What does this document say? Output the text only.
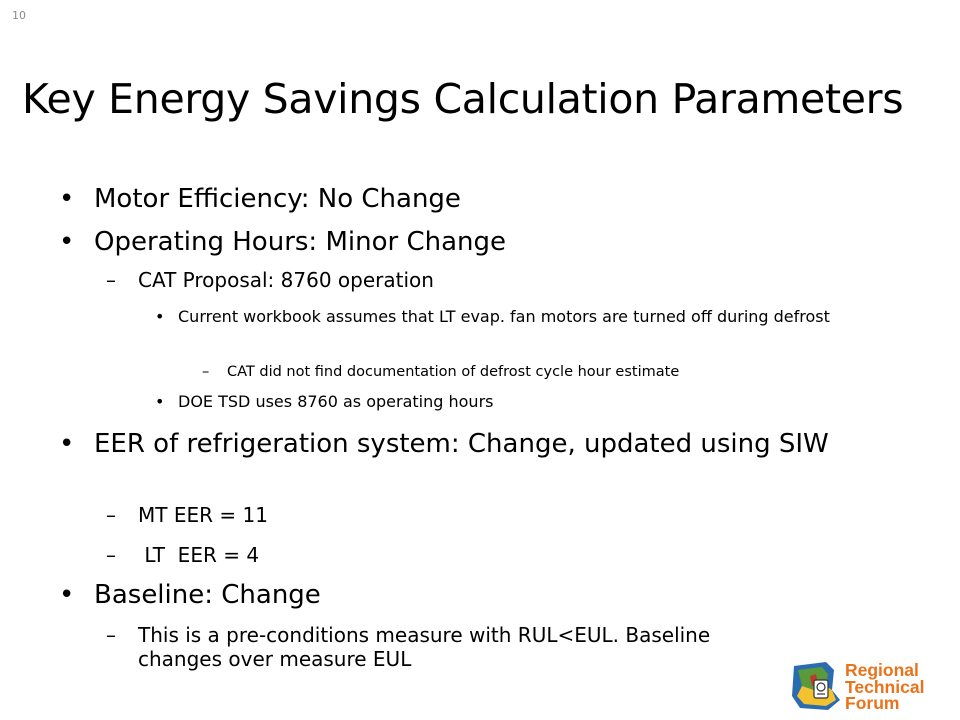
10
Key Energy Savings Calculation Parameters
• Motor Efficiency: No Change
• Operating Hours: Minor Change
– CAT Proposal: 8760 operation
• Current workbook assumes that LT evap. fan motors are turned off during defrost
– CAT did not find documentation of defrost cycle hour estimate
• DOE TSD uses 8760 as operating hours
• EER of refrigeration system: Change, updated using SIW
– MT EER = 11
– LT  EER = 4
• Baseline: Change
– This is a pre-conditions measure with RUL<EUL. Baseline changes over measure EUL	Regional
Technical
Forum
